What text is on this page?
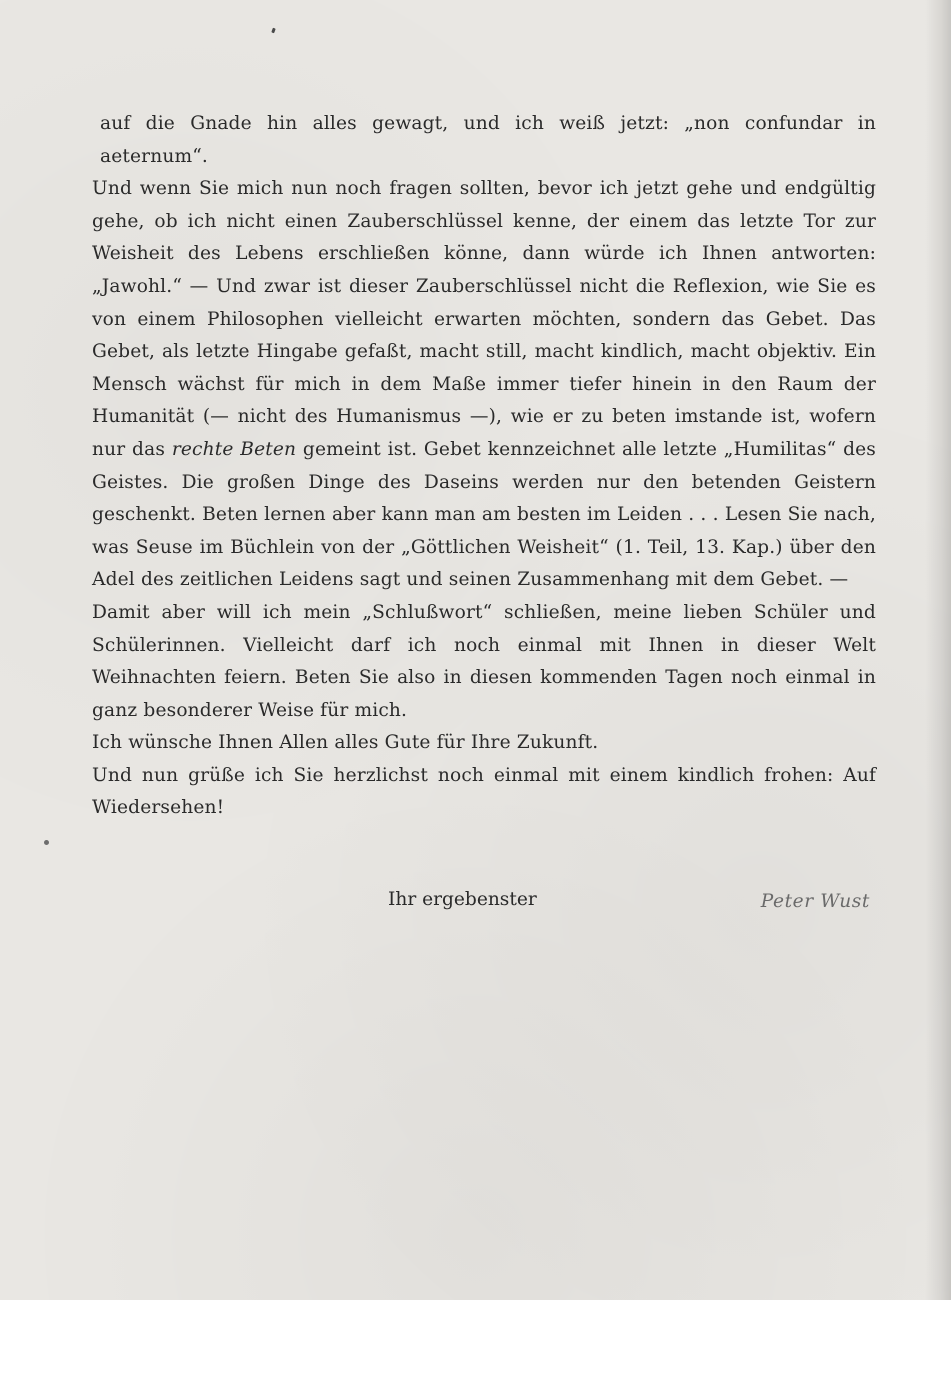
auf die Gnade hin alles gewagt, und ich weiß jetzt: „non confundar in aeternum“.

Und wenn Sie mich nun noch fragen sollten, bevor ich jetzt gehe und endgültig gehe, ob ich nicht einen Zauberschlüssel kenne, der einem das letzte Tor zur Weisheit des Lebens erschließen könne, dann würde ich Ihnen antworten: „Jawohl.“ — Und zwar ist dieser Zauberschlüssel nicht die Reflexion, wie Sie es von einem Philosophen vielleicht erwarten möchten, sondern das Gebet. Das Gebet, als letzte Hingabe gefaßt, macht still, macht kindlich, macht objektiv. Ein Mensch wächst für mich in dem Maße immer tiefer hinein in den Raum der Humanität (— nicht des Humanismus —), wie er zu beten imstande ist, wofern nur das rechte Beten gemeint ist. Gebet kennzeichnet alle letzte „Humilitas“ des Geistes. Die großen Dinge des Daseins werden nur den betenden Geistern geschenkt. Beten lernen aber kann man am besten im Leiden . . . Lesen Sie nach, was Seuse im Büchlein von der „Göttlichen Weisheit“ (1. Teil, 13. Kap.) über den Adel des zeitlichen Leidens sagt und seinen Zusammenhang mit dem Gebet. —

Damit aber will ich mein „Schlußwort“ schließen, meine lieben Schüler und Schülerinnen. Vielleicht darf ich noch einmal mit Ihnen in dieser Welt Weihnachten feiern. Beten Sie also in diesen kommenden Tagen noch einmal in ganz besonderer Weise für mich.

Ich wünsche Ihnen Allen alles Gute für Ihre Zukunft.

Und nun grüße ich Sie herzlichst noch einmal mit einem kindlich frohen: Auf Wiedersehen!

Ihr ergebenster	Peter Wust
